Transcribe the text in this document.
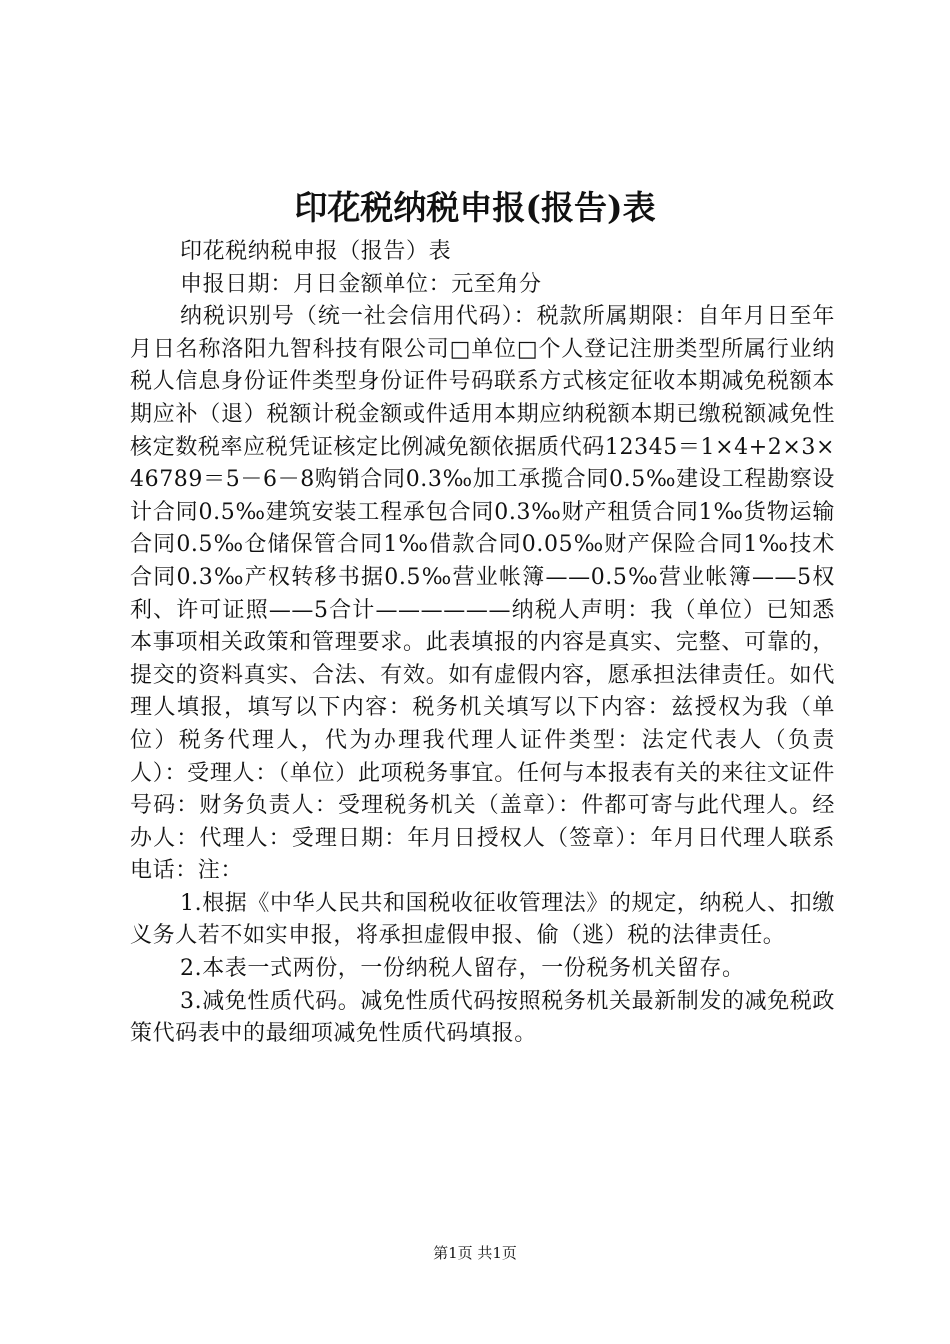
印花税纳税申报(报告)表

印花税纳税申报（报告）表

申报日期：月日金额单位：元至角分

纳税识别号（统一社会信用代码）：税款所属期限：自年月日至年月日名称洛阳九智科技有限公司□单位□个人登记注册类型所属行业纳税人信息身份证件类型身份证件号码联系方式核定征收本期减免税额本期应补（退）税额计税金额或件适用本期应纳税额本期已缴税额减免性核定数税率应税凭证核定比例减免额依据质代码12345＝1×4+2×3×46789＝5－6－8购销合同0.3‰加工承揽合同0.5‰建设工程勘察设计合同0.5‰建筑安装工程承包合同0.3‰财产租赁合同1‰货物运输合同0.5‰仓储保管合同1‰借款合同0.05‰财产保险合同1‰技术合同0.3‰产权转移书据0.5‰营业帐簿——0.5‰营业帐簿——5权利、许可证照——5合计——————纳税人声明：我（单位）已知悉本事项相关政策和管理要求。此表填报的内容是真实、完整、可靠的，提交的资料真实、合法、有效。如有虚假内容，愿承担法律责任。如代理人填报，填写以下内容：税务机关填写以下内容：兹授权为我（单位）税务代理人，代为办理我代理人证件类型：法定代表人（负责人）：受理人：（单位）此项税务事宜。任何与本报表有关的来往文证件号码：财务负责人：受理税务机关（盖章）：件都可寄与此代理人。经办人：代理人：受理日期：年月日授权人（签章）：年月日代理人联系电话：注：

1.根据《中华人民共和国税收征收管理法》的规定，纳税人、扣缴义务人若不如实申报，将承担虚假申报、偷（逃）税的法律责任。

2.本表一式两份，一份纳税人留存，一份税务机关留存。

3.减免性质代码。减免性质代码按照税务机关最新制发的减免税政策代码表中的最细项减免性质代码填报。

第1页 共1页
